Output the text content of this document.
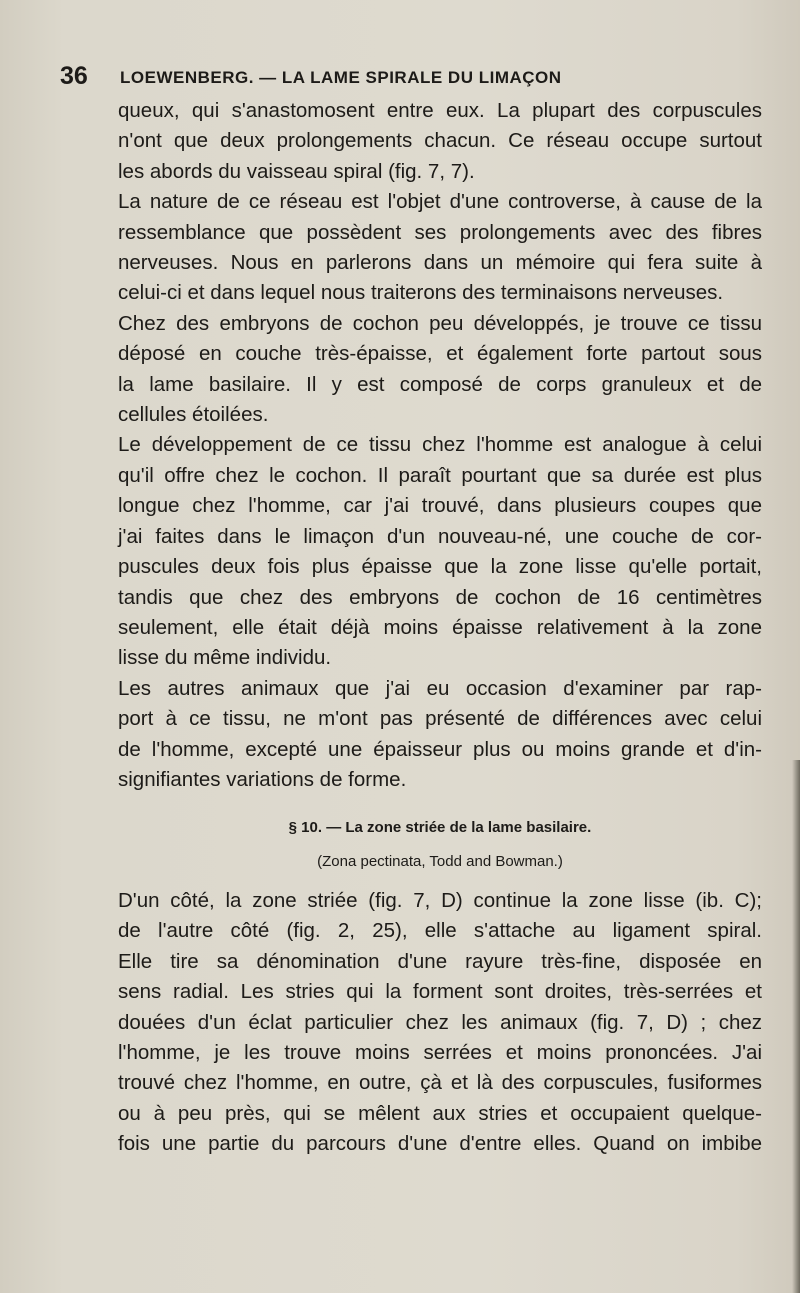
36 LOEWENBERG. — LA LAME SPIRALE DU LIMAÇON
queux, qui s'anastomosent entre eux. La plupart des corpuscules
n'ont que deux prolongements chacun. Ce réseau occupe surtout
les abords du vaisseau spiral (fig. 7, 7).
La nature de ce réseau est l'objet d'une controverse, à cause de la
ressemblance que possèdent ses prolongements avec des fibres
nerveuses. Nous en parlerons dans un mémoire qui fera suite à
celui-ci et dans lequel nous traiterons des terminaisons nerveuses.
Chez des embryons de cochon peu développés, je trouve ce tissu
déposé en couche très-épaisse, et également forte partout sous
la lame basilaire. Il y est composé de corps granuleux et de
cellules étoilées.
Le développement de ce tissu chez l'homme est analogue à celui
qu'il offre chez le cochon. Il paraît pourtant que sa durée est plus
longue chez l'homme, car j'ai trouvé, dans plusieurs coupes que
j'ai faites dans le limaçon d'un nouveau-né, une couche de cor-
puscules deux fois plus épaisse que la zone lisse qu'elle portait,
tandis que chez des embryons de cochon de 16 centimètres
seulement, elle était déjà moins épaisse relativement à la zone
lisse du même individu.
Les autres animaux que j'ai eu occasion d'examiner par rap-
port à ce tissu, ne m'ont pas présenté de différences avec celui
de l'homme, excepté une épaisseur plus ou moins grande et d'in-
signifiantes variations de forme.
§ 10. — La zone striée de la lame basilaire.
(Zona pectinata, Todd and Bowman.)
D'un côté, la zone striée (fig. 7, D) continue la zone lisse (ib. C);
de l'autre côté (fig. 2, 25), elle s'attache au ligament spiral.
Elle tire sa dénomination d'une rayure très-fine, disposée en
sens radial. Les stries qui la forment sont droites, très-serrées et
douées d'un éclat particulier chez les animaux (fig. 7, D) ; chez
l'homme, je les trouve moins serrées et moins prononcées. J'ai
trouvé chez l'homme, en outre, çà et là des corpuscules, fusiformes
ou à peu près, qui se mêlent aux stries et occupaient quelque-
fois une partie du parcours d'une d'entre elles. Quand on imbibe
